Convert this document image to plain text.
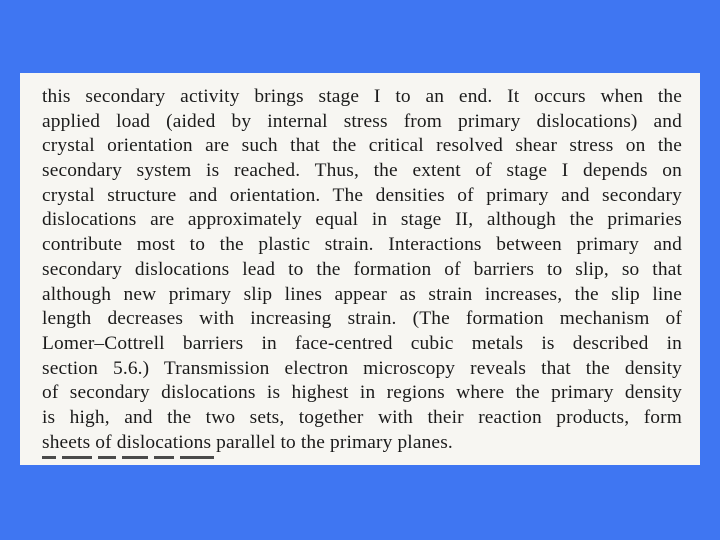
this secondary activity brings stage I to an end. It occurs when the
applied load (aided by internal stress from primary dislocations) and
crystal orientation are such that the critical resolved shear stress on the
secondary system is reached. Thus, the extent of stage I depends on
crystal structure and orientation. The densities of primary and secondary
dislocations are approximately equal in stage II, although the primaries
contribute most to the plastic strain. Interactions between primary and
secondary dislocations lead to the formation of barriers to slip, so that
although new primary slip lines appear as strain increases, the slip line
length decreases with increasing strain. (The formation mechanism of
Lomer–Cottrell barriers in face-centred cubic metals is described in
section 5.6.) Transmission electron microscopy reveals that the density
of secondary dislocations is highest in regions where the primary density
is high, and the two sets, together with their reaction products, form
sheets of dislocations parallel to the primary planes.
